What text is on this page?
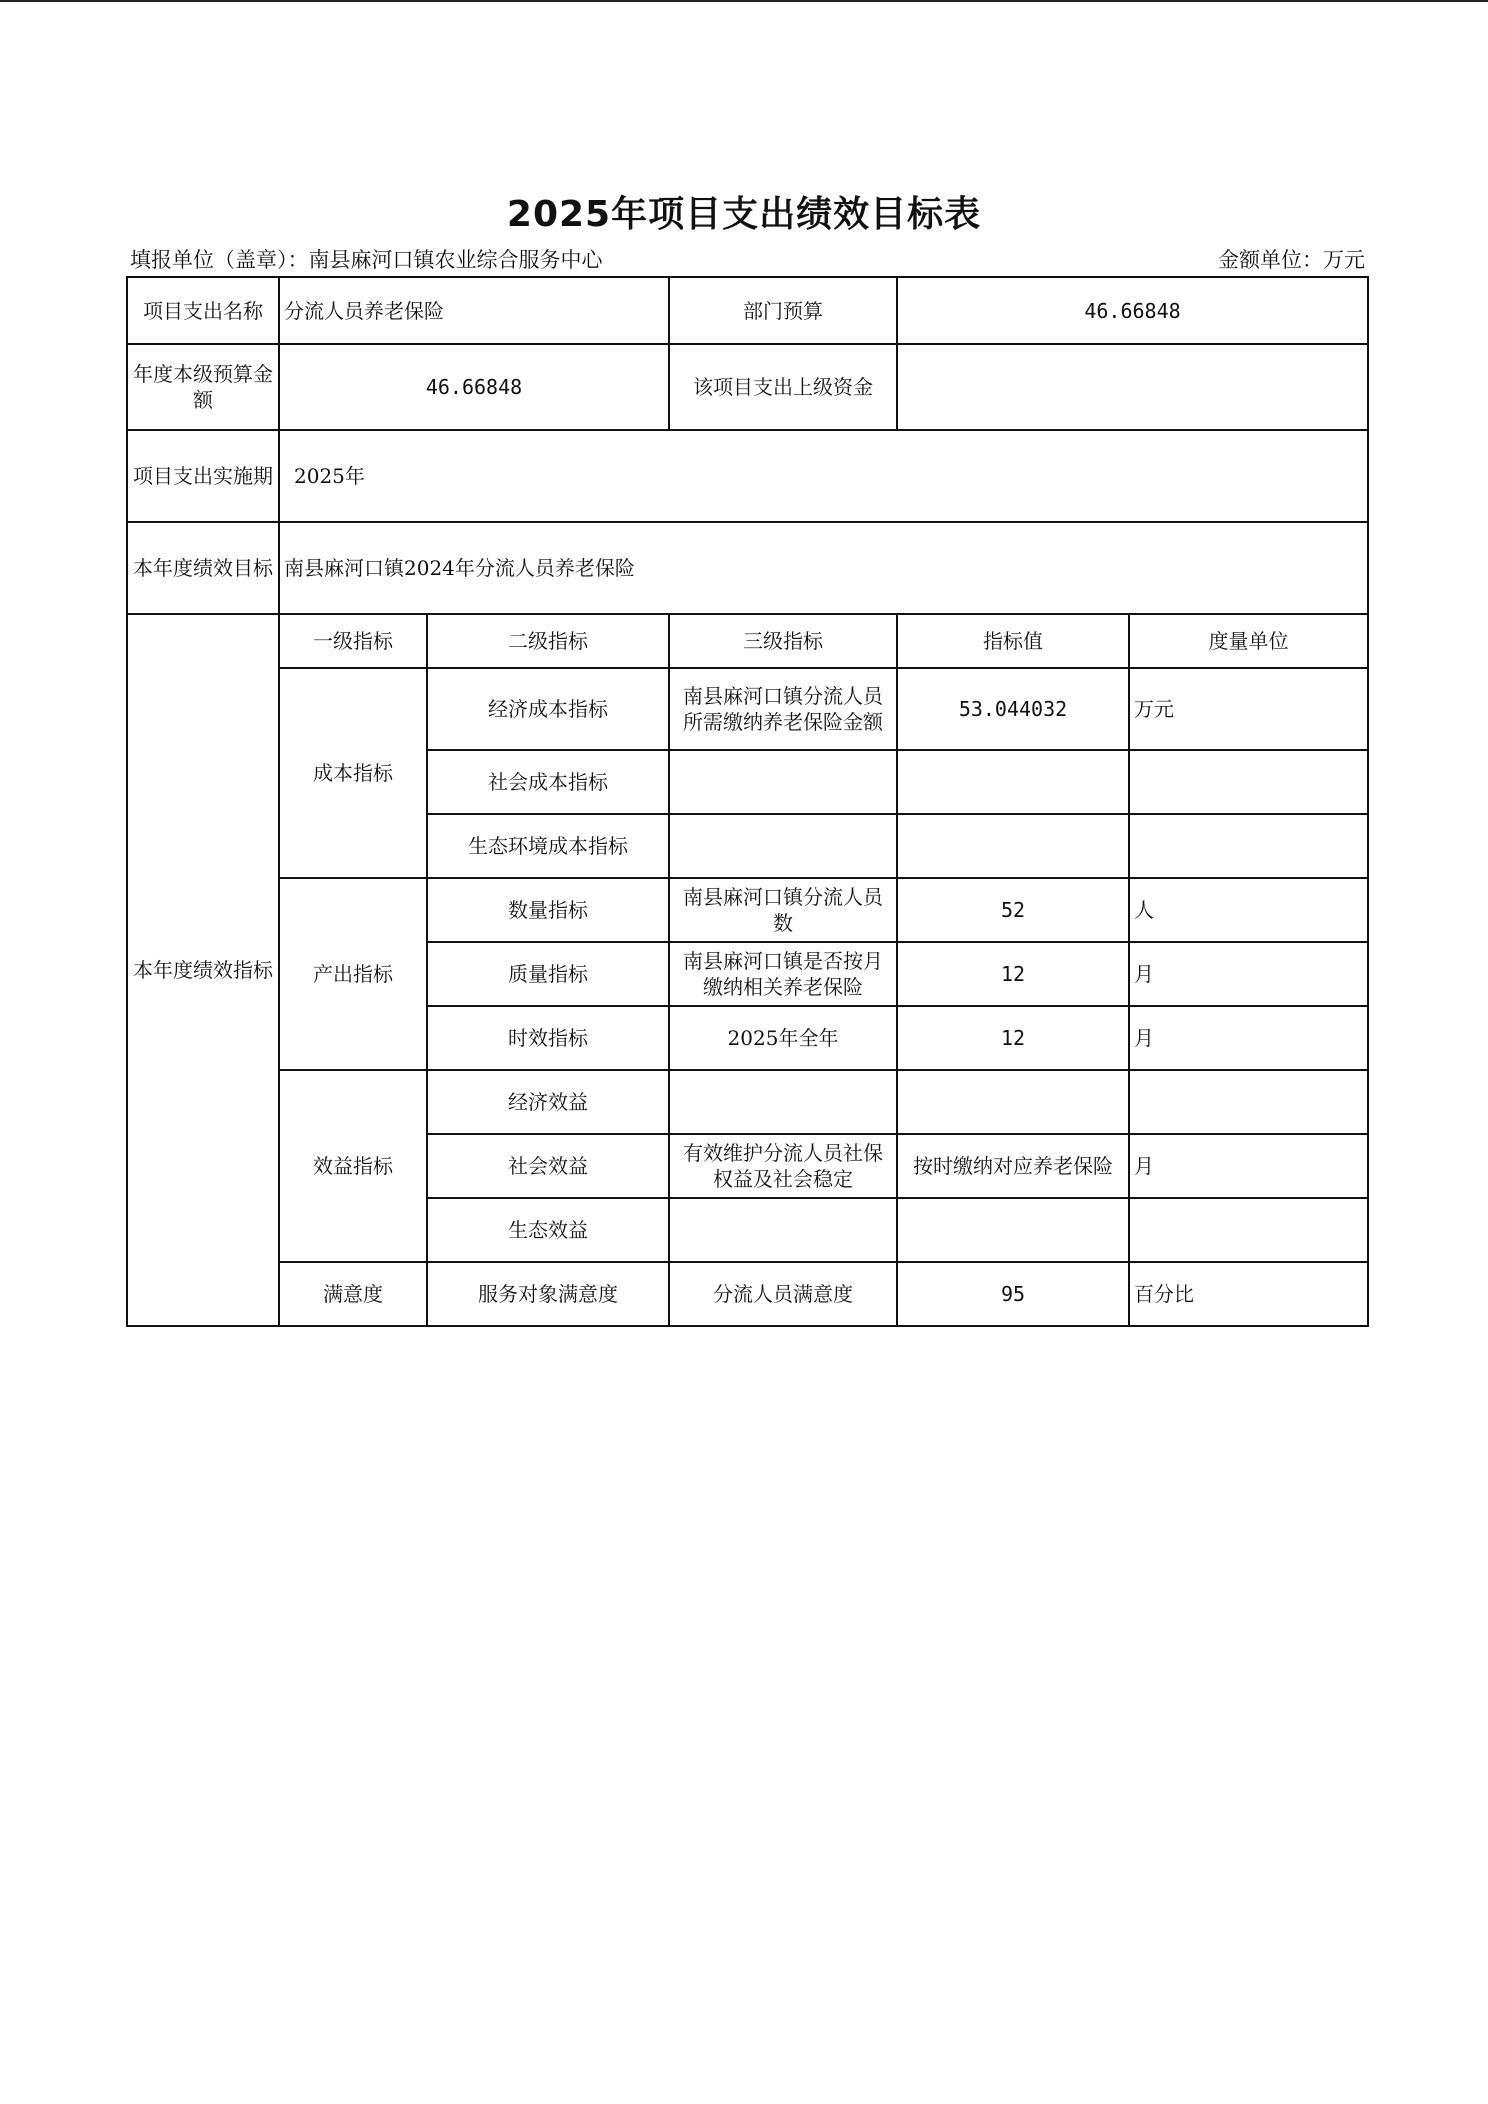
2025年项目支出绩效目标表
填报单位（盖章）：南县麻河口镇农业综合服务中心	金额单位：万元
项目支出名称	分流人员养老保险		部门预算	46.66848	
年度本级预算金额	46.66848		该项目支出上级资金		
项目支出实施期	2025年				
本年度绩效目标	南县麻河口镇2024年分流人员养老保险				
本年度绩效指标	一级指标	二级指标	三级指标	指标值	度量单位
	成本指标	经济成本指标	南县麻河口镇分流人员所需缴纳养老保险金额	53.044032	万元
		社会成本指标			
		生态环境成本指标			
	产出指标	数量指标	南县麻河口镇分流人员数	52	人
		质量指标	南县麻河口镇是否按月缴纳相关养老保险	12	月
		时效指标	2025年全年	12	月
	效益指标	经济效益			
		社会效益	有效维护分流人员社保权益及社会稳定	按时缴纳对应养老保险	月
		生态效益			
	满意度	服务对象满意度	分流人员满意度	95	百分比
